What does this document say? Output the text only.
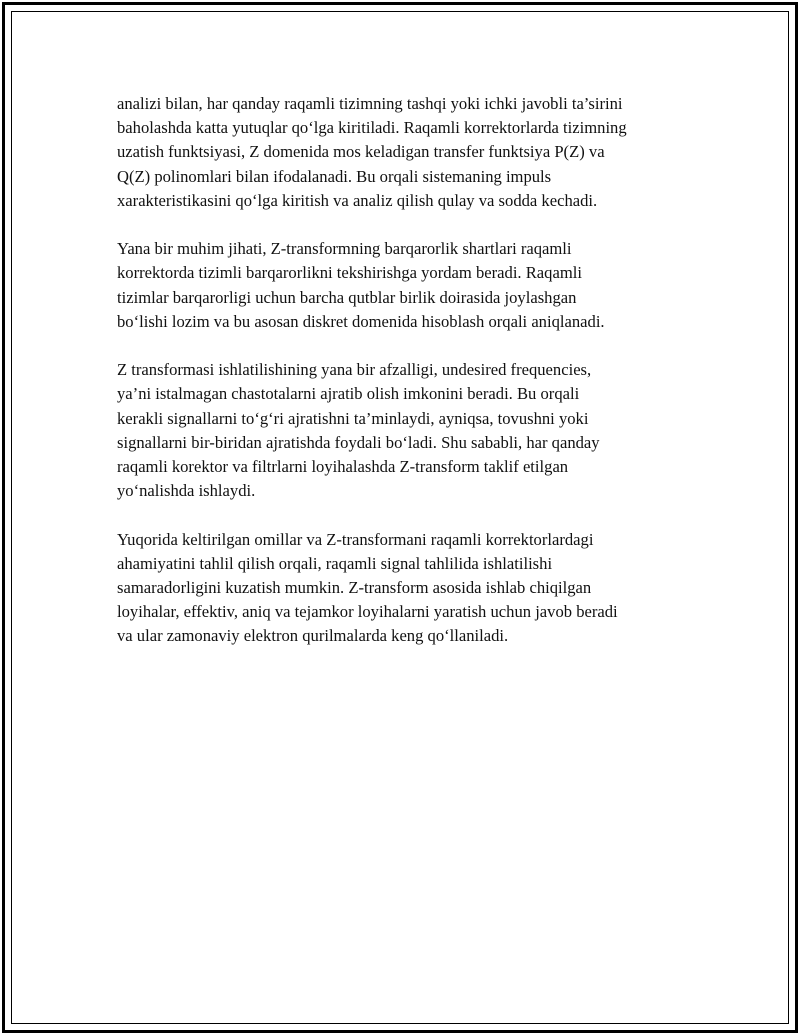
analizi bilan, har qanday raqamli tizimning tashqi yoki ichki javobli ta’sirini
baholashda katta yutuqlar qo‘lga kiritiladi. Raqamli korrektorlarda tizimning
uzatish funktsiyasi, Z domenida mos keladigan transfer funktsiya P(Z) va
Q(Z) polinomlari bilan ifodalanadi. Bu orqali sistemaning impuls
xarakteristikasini qo‘lga kiritish va analiz qilish qulay va sodda kechadi.

Yana bir muhim jihati, Z-transformning barqarorlik shartlari raqamli
korrektorda tizimli barqarorlikni tekshirishga yordam beradi. Raqamli
tizimlar barqarorligi uchun barcha qutblar birlik doirasida joylashgan
bo‘lishi lozim va bu asosan diskret domenida hisoblash orqali aniqlanadi.

Z transformasi ishlatilishining yana bir afzalligi, undesired frequencies,
ya’ni istalmagan chastotalarni ajratib olish imkonini beradi. Bu orqali
kerakli signallarni to‘g‘ri ajratishni ta’minlaydi, ayniqsa, tovushni yoki
signallarni bir-biridan ajratishda foydali bo‘ladi. Shu sababli, har qanday
raqamli korektor va filtrlarni loyihalashda Z-transform taklif etilgan
yo‘nalishda ishlaydi.

Yuqorida keltirilgan omillar va Z-transformani raqamli korrektorlardagi
ahamiyatini tahlil qilish orqali, raqamli signal tahlilida ishlatilishi
samaradorligini kuzatish mumkin. Z-transform asosida ishlab chiqilgan
loyihalar, effektiv, aniq va tejamkor loyihalarni yaratish uchun javob beradi
va ular zamonaviy elektron qurilmalarda keng qo‘llaniladi.
